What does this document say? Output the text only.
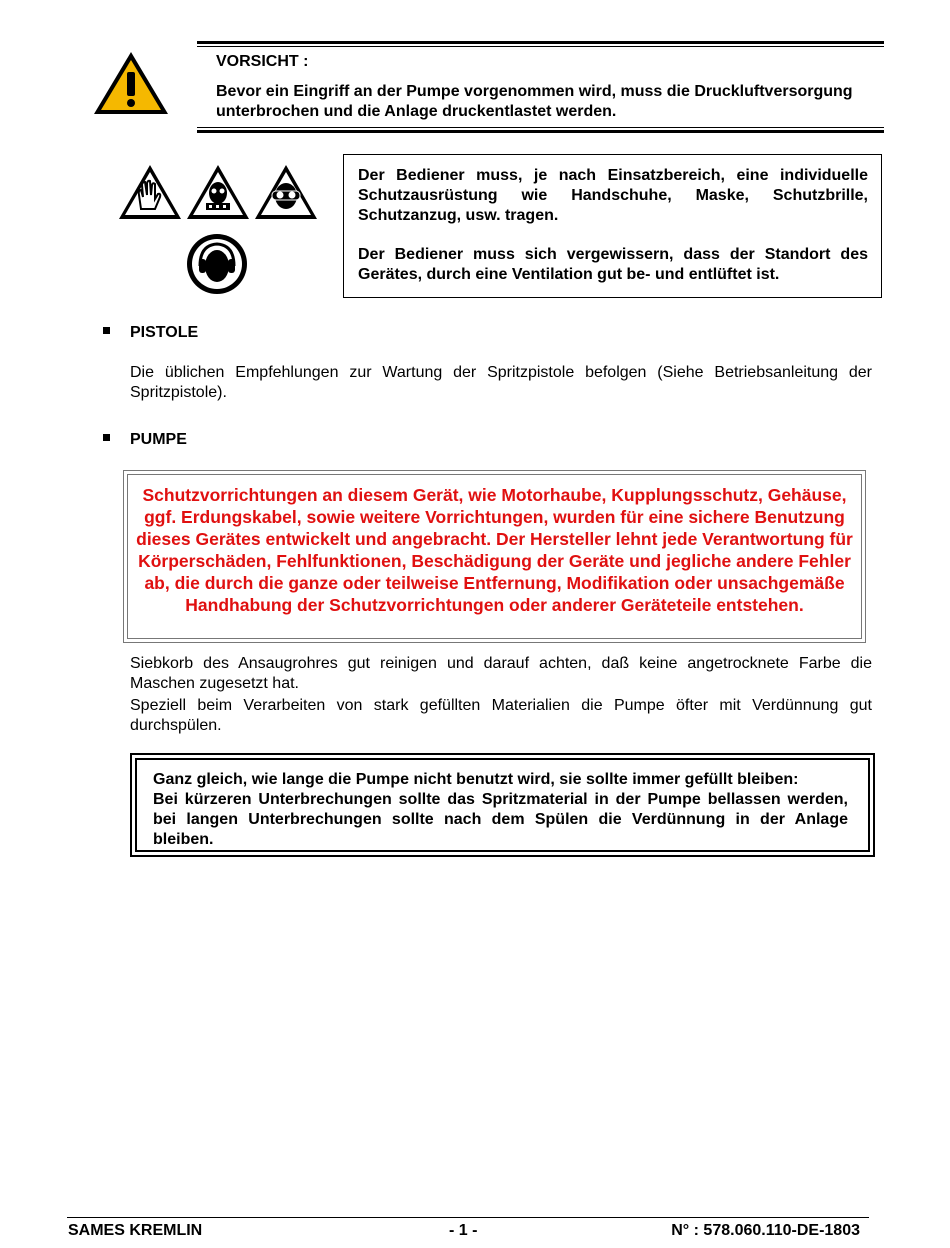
VORSICHT :
Bevor ein Eingriff an der Pumpe vorgenommen wird, muss die Druckluftversorgung unterbrochen und die Anlage druckentlastet werden.

Der Bediener muss, je nach Einsatzbereich, eine individuelle Schutzausrüstung wie Handschuhe, Maske, Schutzbrille, Schutzanzug, usw. tragen.

Der Bediener muss sich vergewissern, dass der Standort des Gerätes, durch eine Ventilation gut be- und entlüftet ist.

PISTOLE
Die üblichen Empfehlungen zur Wartung der Spritzpistole befolgen (Siehe Betriebsanleitung der Spritzpistole).
PUMPE
Schutzvorrichtungen an diesem Gerät, wie Motorhaube, Kupplungsschutz, Gehäuse, ggf. Erdungskabel, sowie weitere Vorrichtungen, wurden für eine sichere Benutzung dieses Gerätes entwickelt und angebracht. Der Hersteller lehnt jede Verantwortung für Körperschäden, Fehlfunktionen, Beschädigung der Geräte und jegliche andere Fehler ab, die durch die ganze oder teilweise Entfernung, Modifikation oder unsachgemäße Handhabung der Schutzvorrichtungen oder anderer Geräteteile entstehen.
Siebkorb des Ansaugrohres gut reinigen und darauf achten, daß keine angetrocknete Farbe die Maschen zugesetzt hat.
Speziell beim Verarbeiten von stark gefüllten Materialien die Pumpe öfter mit Verdünnung gut durchspülen.
Ganz gleich, wie lange die Pumpe nicht benutzt wird, sie sollte immer gefüllt bleiben:
Bei kürzeren Unterbrechungen sollte das Spritzmaterial in der Pumpe bellassen werden, bei langen Unterbrechungen sollte nach dem Spülen die Verdünnung in der Anlage bleiben.
SAMES KREMLIN	- 1 -	N° : 578.060.110-DE-1803
